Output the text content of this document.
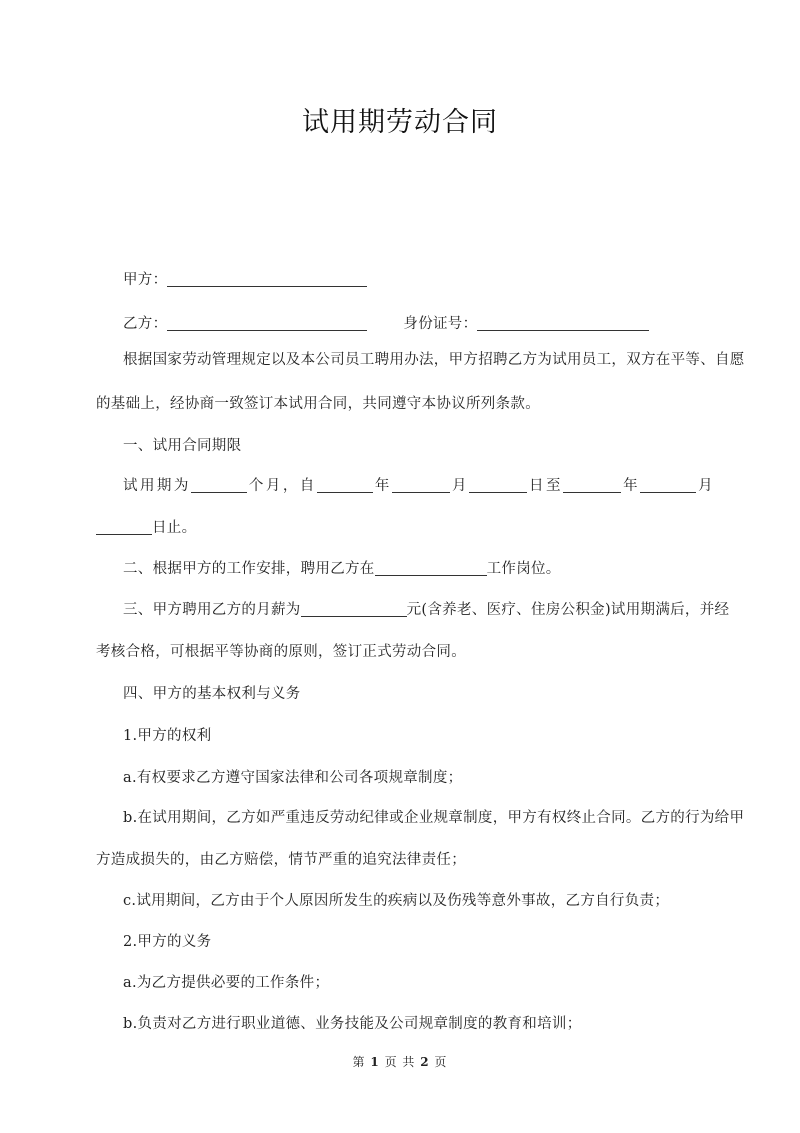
试用期劳动合同
甲方：
乙方：	身份证号：
根据国家劳动管理规定以及本公司员工聘用办法，甲方招聘乙方为试用员工，双方在平等、自愿
的基础上，经协商一致签订本试用合同，共同遵守本协议所列条款。
一、试用合同期限
试用期为	个月，自	年	月	日至	年	月
日止。
二、根据甲方的工作安排，聘用乙方在	工作岗位。
三、甲方聘用乙方的月薪为	元(含养老、医疗、住房公积金)试用期满后，并经
考核合格，可根据平等协商的原则，签订正式劳动合同。
四、甲方的基本权利与义务
1.甲方的权利
a.有权要求乙方遵守国家法律和公司各项规章制度；
b.在试用期间，乙方如严重违反劳动纪律或企业规章制度，甲方有权终止合同。乙方的行为给甲
方造成损失的，由乙方赔偿，情节严重的追究法律责任；
c.试用期间，乙方由于个人原因所发生的疾病以及伤残等意外事故，乙方自行负责；
2.甲方的义务
a.为乙方提供必要的工作条件；
b.负责对乙方进行职业道德、业务技能及公司规章制度的教育和培训；
第 1 页 共 2 页
